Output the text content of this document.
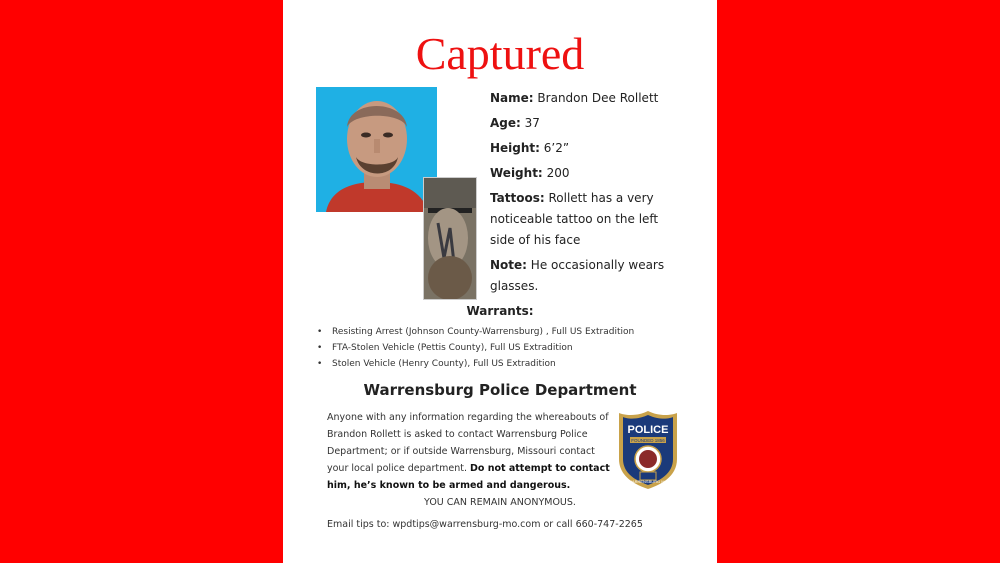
Captured
Name: Brandon Dee Rollett
Age: 37
Height: 6’2”
Weight: 200
Tattoos: Rollett has a very noticeable tattoo on the left side of his face
Note: He occasionally wears glasses.
Warrants:
• Resisting Arrest (Johnson County-Warrensburg) , Full US Extradition
• FTA-Stolen Vehicle (Pettis County), Full US Extradition
• Stolen Vehicle (Henry County), Full US Extradition
Warrensburg Police Department
Anyone with any information regarding the whereabouts of Brandon Rollett is asked to contact Warrensburg Police Department; or if outside Warrensburg, Missouri contact your local police department. Do not attempt to contact him, he’s known to be armed and dangerous.
POLICE
FOUNDED 1856
WARRENSBURG MO
YOU CAN REMAIN ANONYMOUS.
Email tips to: wpdtips@warrensburg-mo.com or call 660-747-2265
